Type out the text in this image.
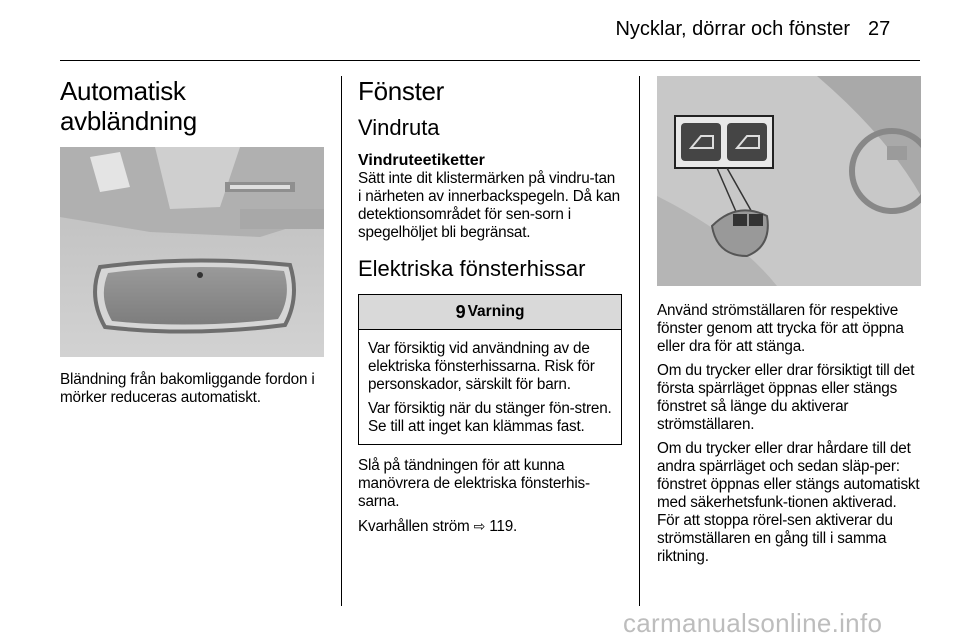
Nycklar, dörrar och fönster 27
Automatisk avbländning

Bländning från bakomliggande fordon i mörker reduceras automatiskt.

Fönster
Vindruta
Vindruteetiketter

Sätt inte dit klistermärken på vindru-tan i närheten av innerbackspegeln. Då kan detektionsområdet för sen-sorn i spegelhöljet bli begränsat.

Elektriska fönsterhissar
9 Varning

Var försiktig vid användning av de elektriska fönsterhissarna. Risk för personskador, särskilt för barn.

Var försiktig när du stänger fön-stren. Se till att inget kan klämmas fast.

Slå på tändningen för att kunna manövrera de elektriska fönsterhis-sarna.

Kvarhållen ström ⇨ 119.

Använd strömställaren för respektive fönster genom att trycka för att öppna eller dra för att stänga.

Om du trycker eller drar försiktigt till det första spärrläget öppnas eller stängs fönstret så länge du aktiverar strömställaren.

Om du trycker eller drar hårdare till det andra spärrläget och sedan släp-per: fönstret öppnas eller stängs automatiskt med säkerhetsfunk-tionen aktiverad. För att stoppa rörel-sen aktiverar du strömställaren en gång till i samma riktning.

carmanualsonline.info
